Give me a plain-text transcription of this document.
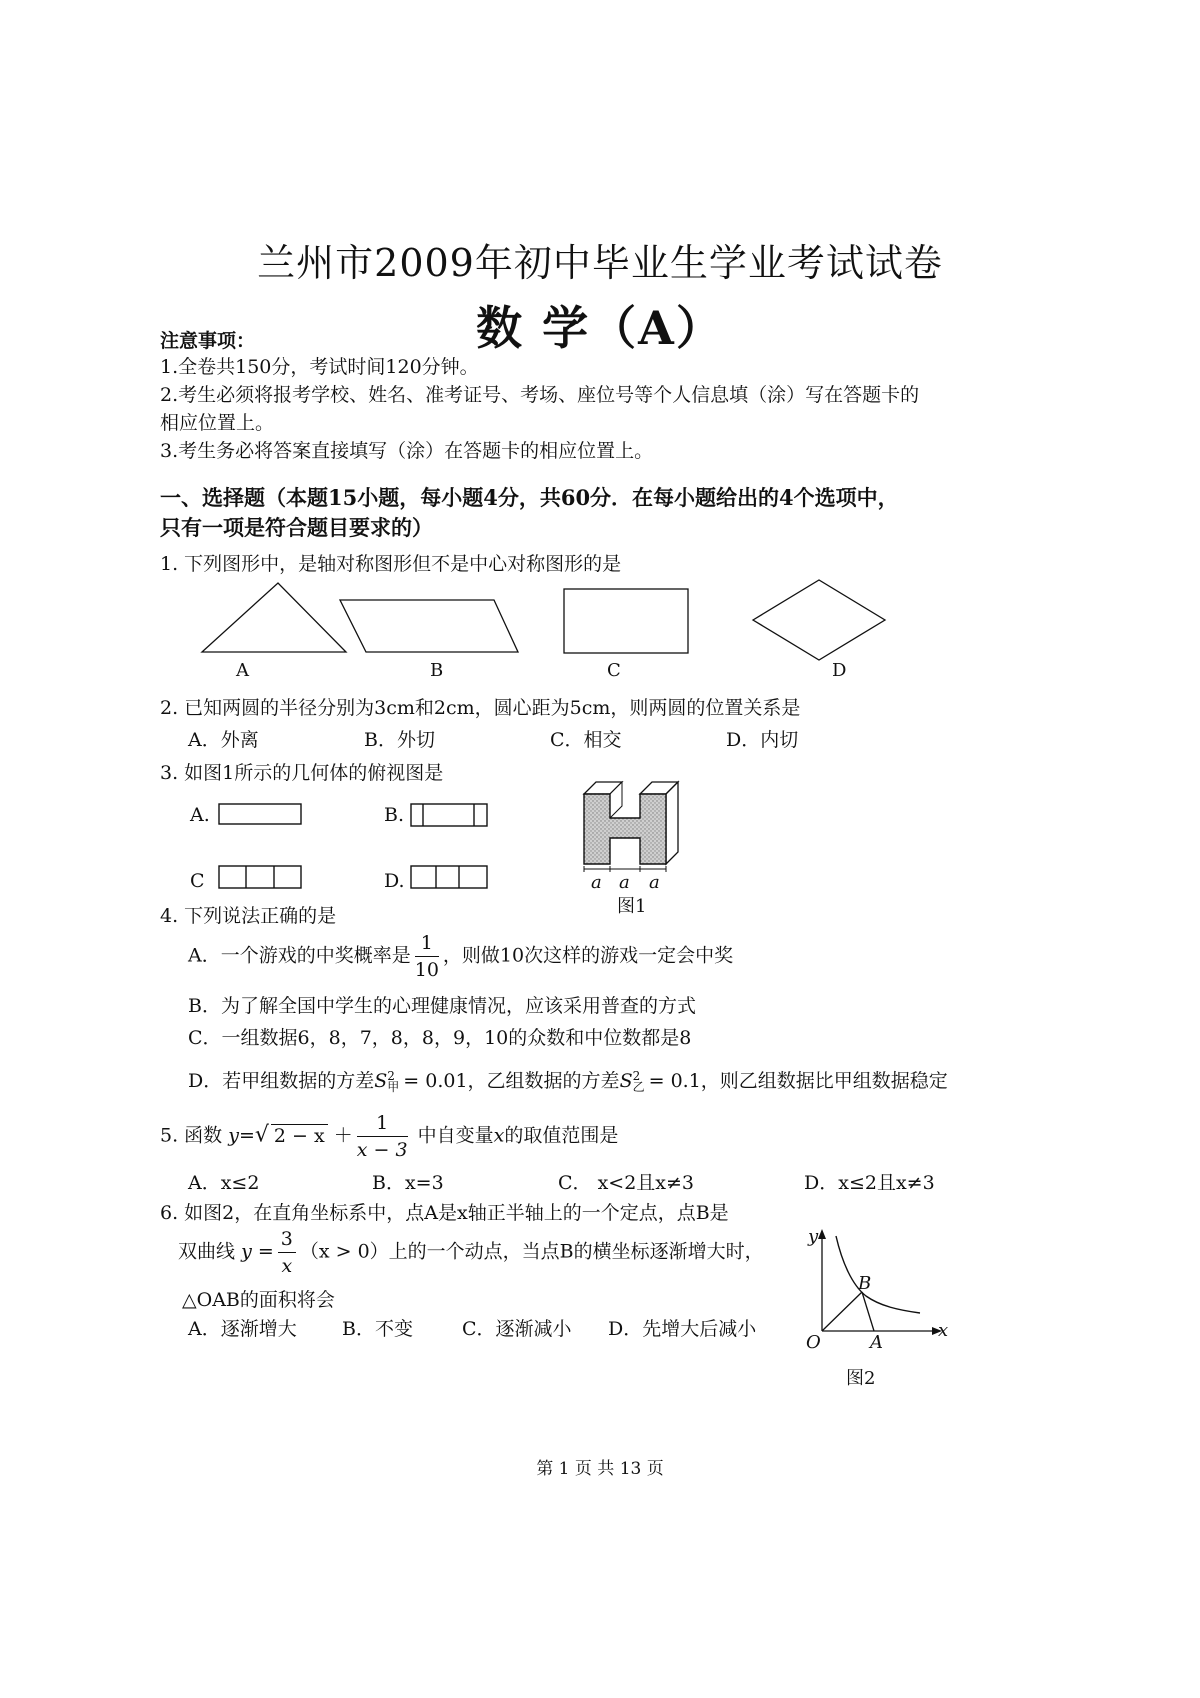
兰州市2009年初中毕业生学业考试试卷
数 学（A）
注意事项：
1.全卷共150分，考试时间120分钟。
2.考生必须将报考学校、姓名、准考证号、考场、座位号等个人信息填（涂）写在答题卡的
相应位置上。
3.考生务必将答案直接填写（涂）在答题卡的相应位置上。
一、选择题（本题15小题，每小题4分，共60分．在每小题给出的4个选项中，
只有一项是符合题目要求的）
1. 下列图形中，是轴对称图形但不是中心对称图形的是
A	B	C	D
2. 已知两圆的半径分别为3cm和2cm，圆心距为5cm，则两圆的位置关系是
A．外离	B．外切	C．相交	D．内切
3. 如图1所示的几何体的俯视图是
A.	B.
C	D.	a a a
图1
4. 下列说法正确的是
A．一个游戏的中奖概率是 $\frac{1}{10}$ ，则做10次这样的游戏一定会中奖
B．为了解全国中学生的心理健康情况，应该采用普查的方式
C．一组数据6，8，7，8，8，9，10的众数和中位数都是8
D．若甲组数据的方差S 2
甲 = 0.01，乙组数据的方差S 2
乙 = 0.1，则乙组数据比甲组数据稳定
5. 函数 y=√ $2 - x + \frac{1}{x - 3}$ 中自变量x的取值范围是
A．x≤2	B．x=3	C． x<2且x≠3	D．x≤2且x≠3
6. 如图2，在直角坐标系中，点A是x轴正半轴上的一个定点，点B是
双曲线 $y = \frac{3}{x} (x > 0)$上的一个动点，当点B的横坐标逐渐增大时，
△OAB的面积将会
A．逐渐增大 B．不变	C．逐渐减小 D．先增大后减小
y
x
O	A
B
图2
第 1 页 共 13 页
